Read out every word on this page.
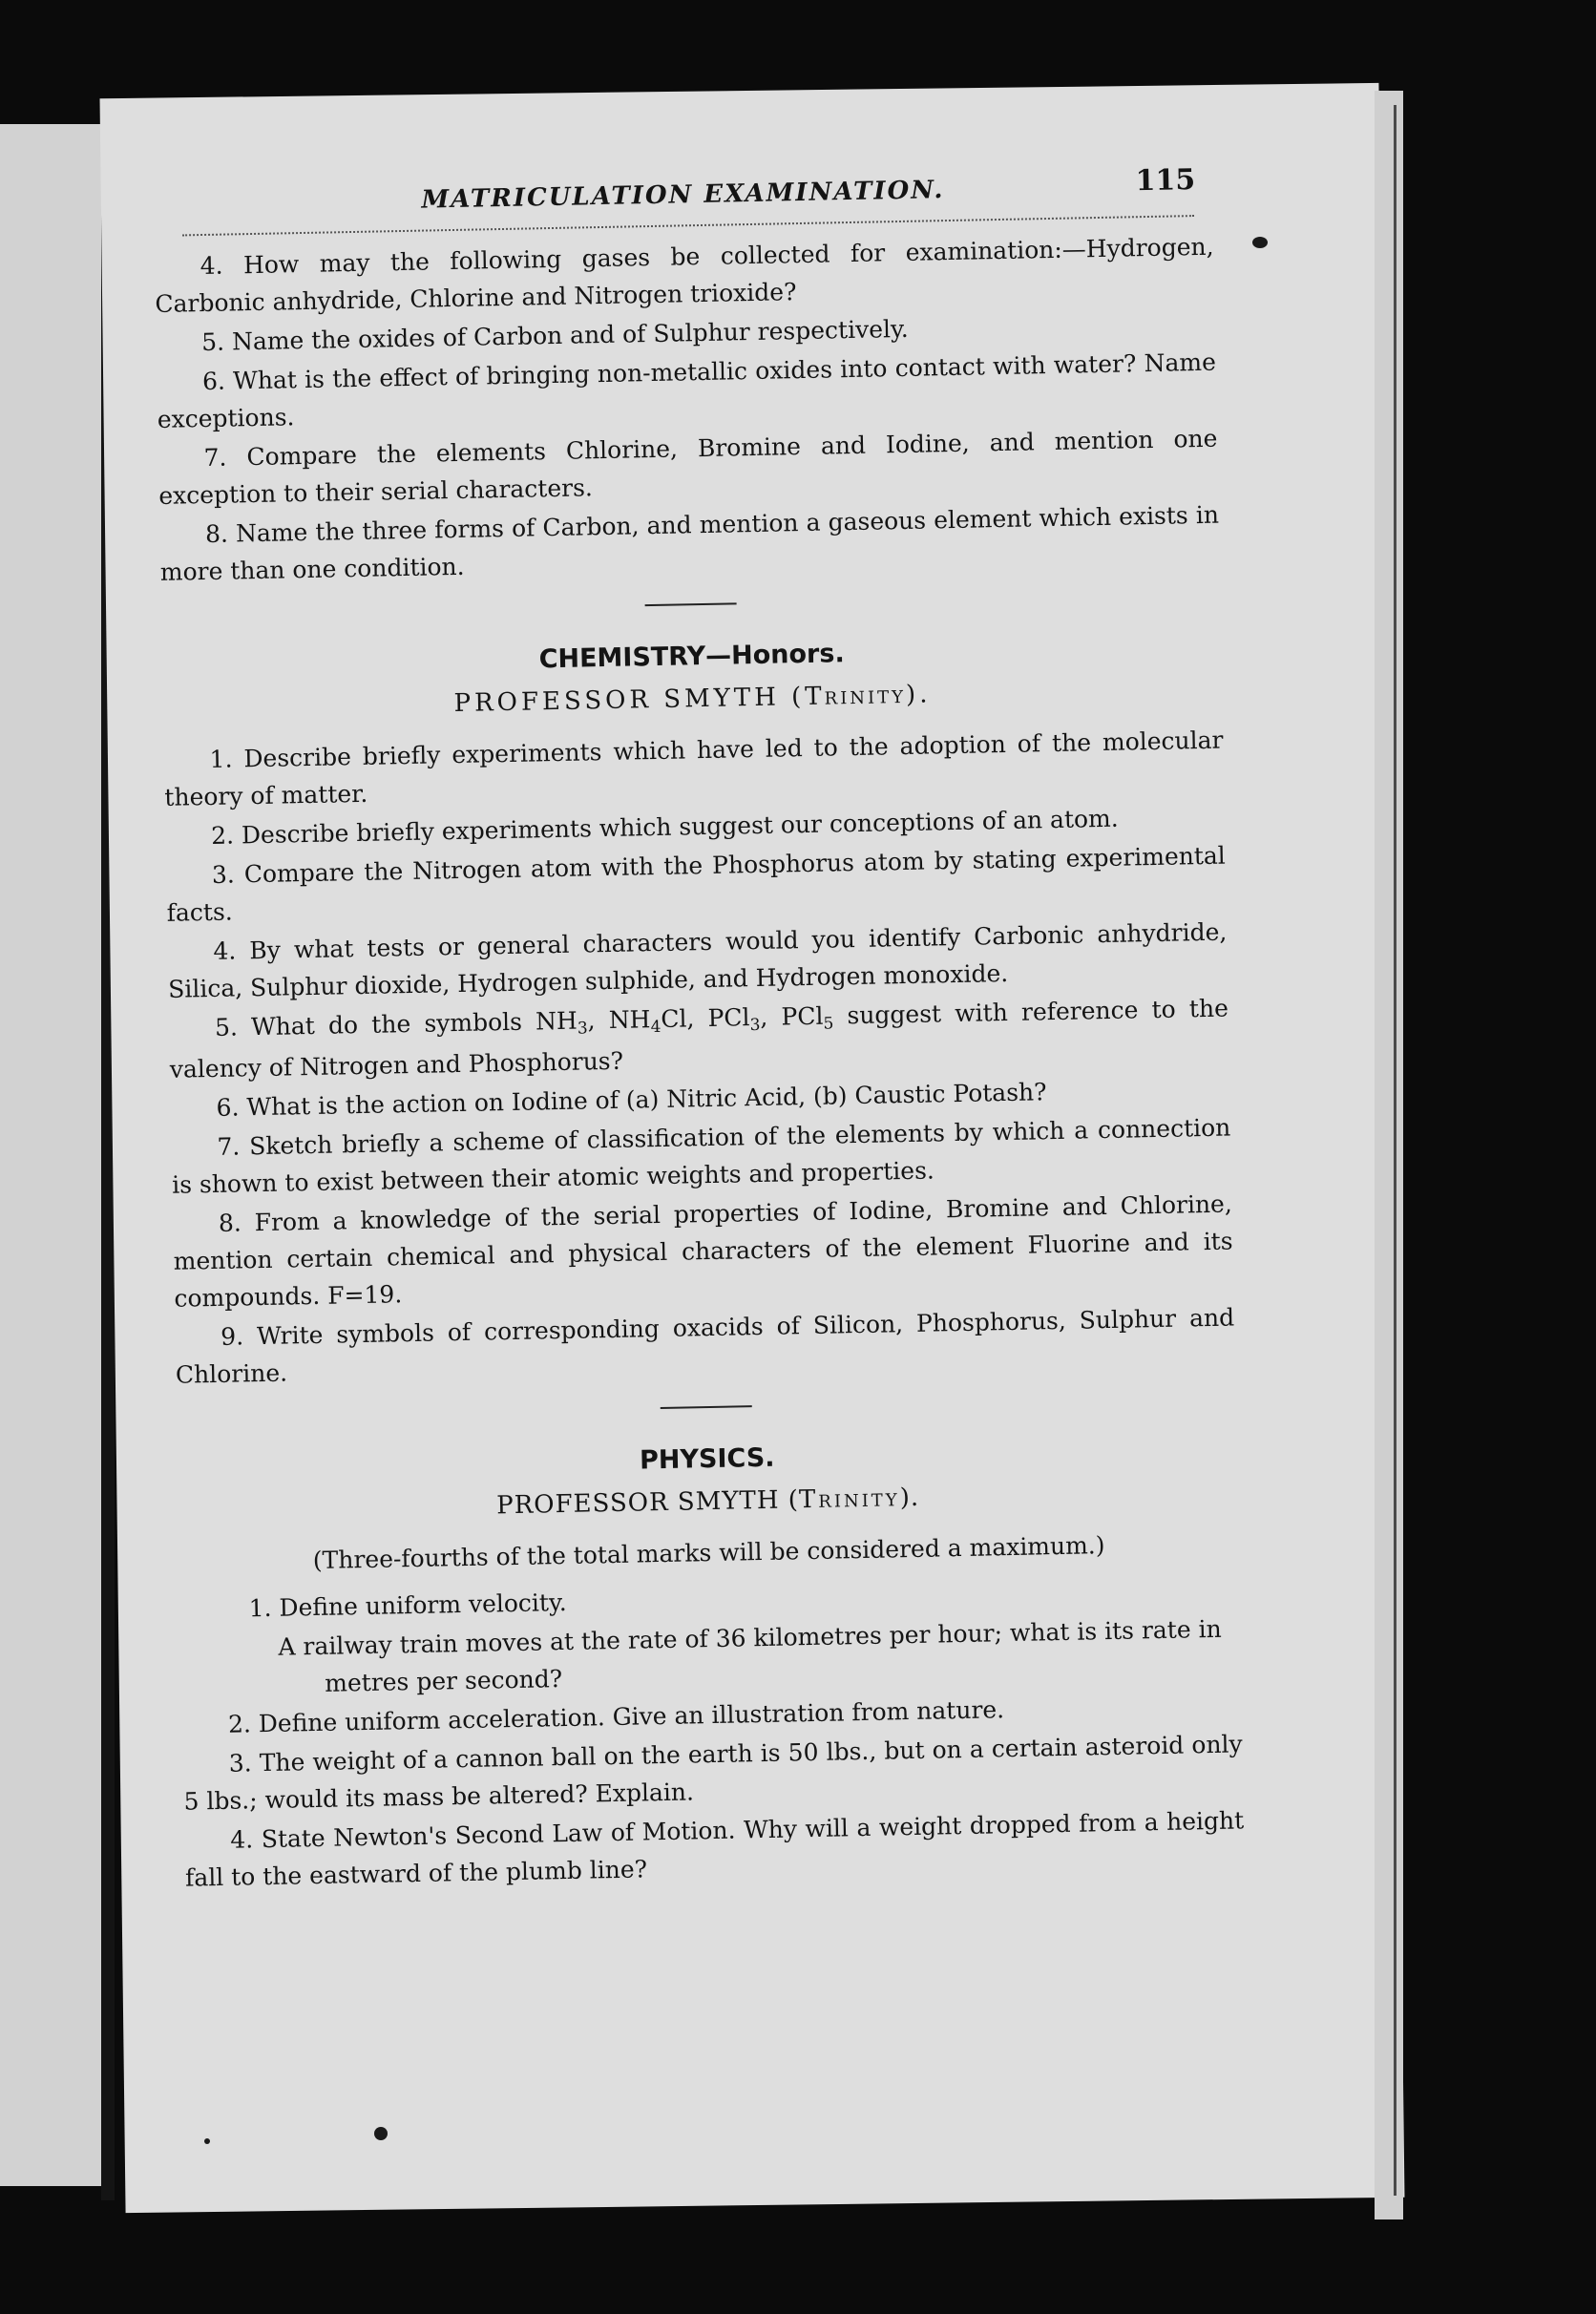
MATRICULATION EXAMINATION.	115

4. How may the following gases be collected for examination:—Hydrogen, Carbonic anhydride, Chlorine and Nitrogen trioxide?

5. Name the oxides of Carbon and of Sulphur respectively.

6. What is the effect of bringing non-metallic oxides into contact with water? Name exceptions.

7. Compare the elements Chlorine, Bromine and Iodine, and mention one exception to their serial characters.

8. Name the three forms of Carbon, and mention a gaseous element which exists in more than one condition.

CHEMISTRY—Honors.
PROFESSOR SMYTH (Trinity).

1. Describe briefly experiments which have led to the adoption of the molecular theory of matter.

2. Describe briefly experiments which suggest our conceptions of an atom.

3. Compare the Nitrogen atom with the Phosphorus atom by stating experimental facts.

4. By what tests or general characters would you identify Carbonic anhydride, Silica, Sulphur dioxide, Hydrogen sulphide, and Hydrogen monoxide.

5. What do the symbols $NH_3$, $NH_4Cl$, PCl$_3$, PCl$_5$ suggest with reference to the valency of Nitrogen and Phosphorus?

6. What is the action on Iodine of (a) Nitric Acid, (b) Caustic Potash?

7. Sketch briefly a scheme of classification of the elements by which a connection is shown to exist between their atomic weights and properties.

8. From a knowledge of the serial properties of Iodine, Bromine and Chlorine, mention certain chemical and physical characters of the element Fluorine and its compounds. F=19.

9. Write symbols of corresponding oxacids of Silicon, Phosphorus, Sulphur and Chlorine.

PHYSICS.
PROFESSOR SMYTH (Trinity).
(Three-fourths of the total marks will be considered a maximum.)

1. Define uniform velocity.

A railway train moves at the rate of 36 kilometres per hour; what is its rate in metres per second?

2. Define uniform acceleration. Give an illustration from nature.

3. The weight of a cannon ball on the earth is 50 lbs., but on a certain asteroid only 5 lbs.; would its mass be altered? Explain.

4. State Newton's Second Law of Motion. Why will a weight dropped from a height fall to the eastward of the plumb line?
